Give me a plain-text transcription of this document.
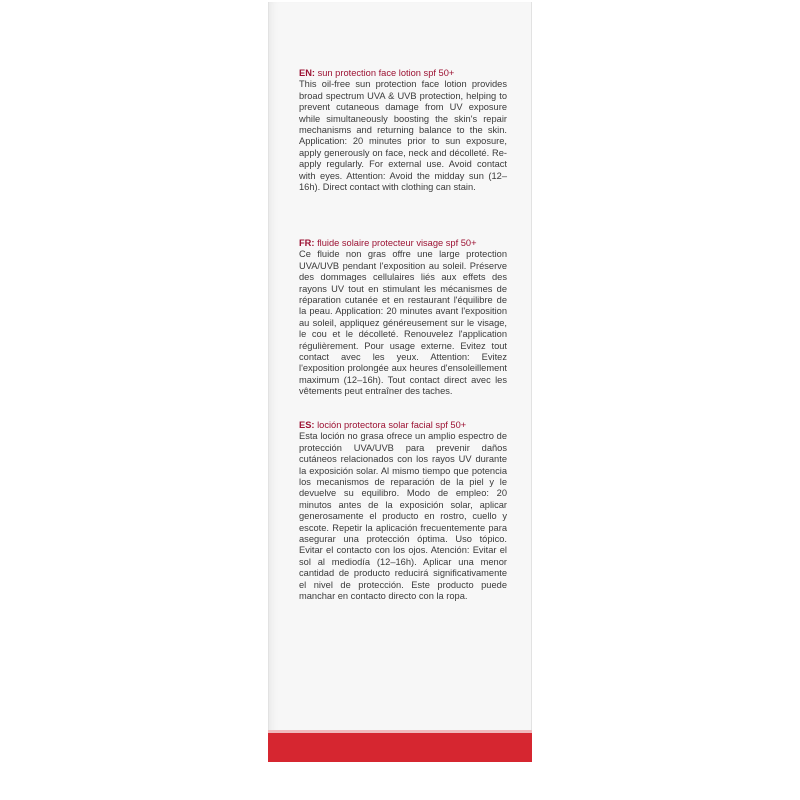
EN: sun protection face lotion spf 50+
This oil-free sun protection face lotion provides broad spectrum UVA & UVB protection, helping to prevent cutaneous damage from UV exposure while simultaneously boosting the skin's repair mechanisms and returning balance to the skin. Application: 20 minutes prior to sun exposure, apply generously on face, neck and décolleté. Re-apply regularly. For external use. Avoid contact with eyes. Attention: Avoid the midday sun (12–16h). Direct contact with clothing can stain.
FR: fluide solaire protecteur visage spf 50+
Ce fluide non gras offre une large protection UVA/UVB pendant l'exposition au soleil. Préserve des dommages cellulaires liés aux effets des rayons UV tout en stimulant les mécanismes de réparation cutanée et en restaurant l'équilibre de la peau. Application: 20 minutes avant l'exposition au soleil, appliquez généreusement sur le visage, le cou et le décolleté. Renouvelez l'application régulièrement. Pour usage externe. Evitez tout contact avec les yeux. Attention: Evitez l'exposition prolongée aux heures d'ensoleillement maximum (12–16h). Tout contact direct avec les vêtements peut entraîner des taches.
ES: loción protectora solar facial spf 50+
Esta loción no grasa ofrece un amplio espectro de protección UVA/UVB para prevenir daños cutáneos relacionados con los rayos UV durante la exposición solar. Al mismo tiempo que potencia los mecanismos de reparación de la piel y le devuelve su equilibro. Modo de empleo: 20 minutos antes de la exposición solar, aplicar generosamente el producto en rostro, cuello y escote. Repetir la aplicación frecuentemente para asegurar una protección óptima. Uso tópico. Evitar el contacto con los ojos. Atención: Evitar el sol al mediodía (12–16h). Aplicar una menor cantidad de producto reducirá significativamente el nivel de protección. Este producto puede manchar en contacto directo con la ropa.
